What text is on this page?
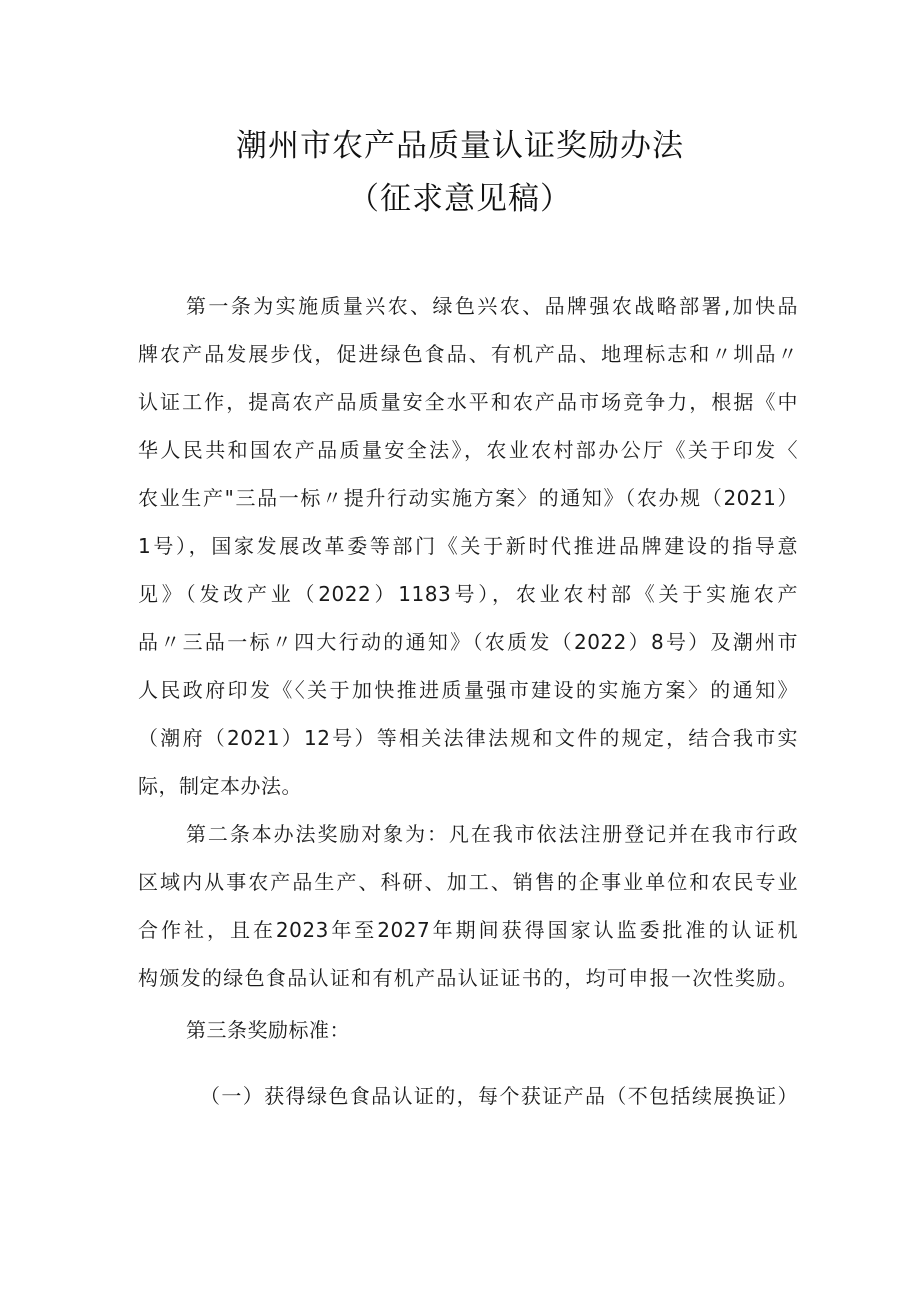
潮州市农产品质量认证奖励办法
（征求意见稿）
第一条为实施质量兴农、绿色兴农、品牌强农战略部署,加快品
牌农产品发展步伐，促进绿色食品、有机产品、地理标志和〃圳品〃
认证工作，提高农产品质量安全水平和农产品市场竞争力，根据《中
华人民共和国农产品质量安全法》，农业农村部办公厅《关于印发〈
农业生产"三品一标〃提升行动实施方案〉的通知》（农办规（2021）
1号），国家发展改革委等部门《关于新时代推进品牌建设的指导意
见》（发改产业（2022）1183号），农业农村部《关于实施农产
品〃三品一标〃四大行动的通知》（农质发（2022）8号）及潮州市
人民政府印发《〈关于加快推进质量强市建设的实施方案〉的通知》
（潮府（2021）12号）等相关法律法规和文件的规定，结合我市实
际，制定本办法。
第二条本办法奖励对象为：凡在我市依法注册登记并在我市行政
区域内从事农产品生产、科研、加工、销售的企事业单位和农民专业
合作社，且在2023年至2027年期间获得国家认监委批准的认证机
构颁发的绿色食品认证和有机产品认证证书的，均可申报一次性奖励。
第三条奖励标准：
（一）获得绿色食品认证的，每个获证产品（不包括续展换证）
